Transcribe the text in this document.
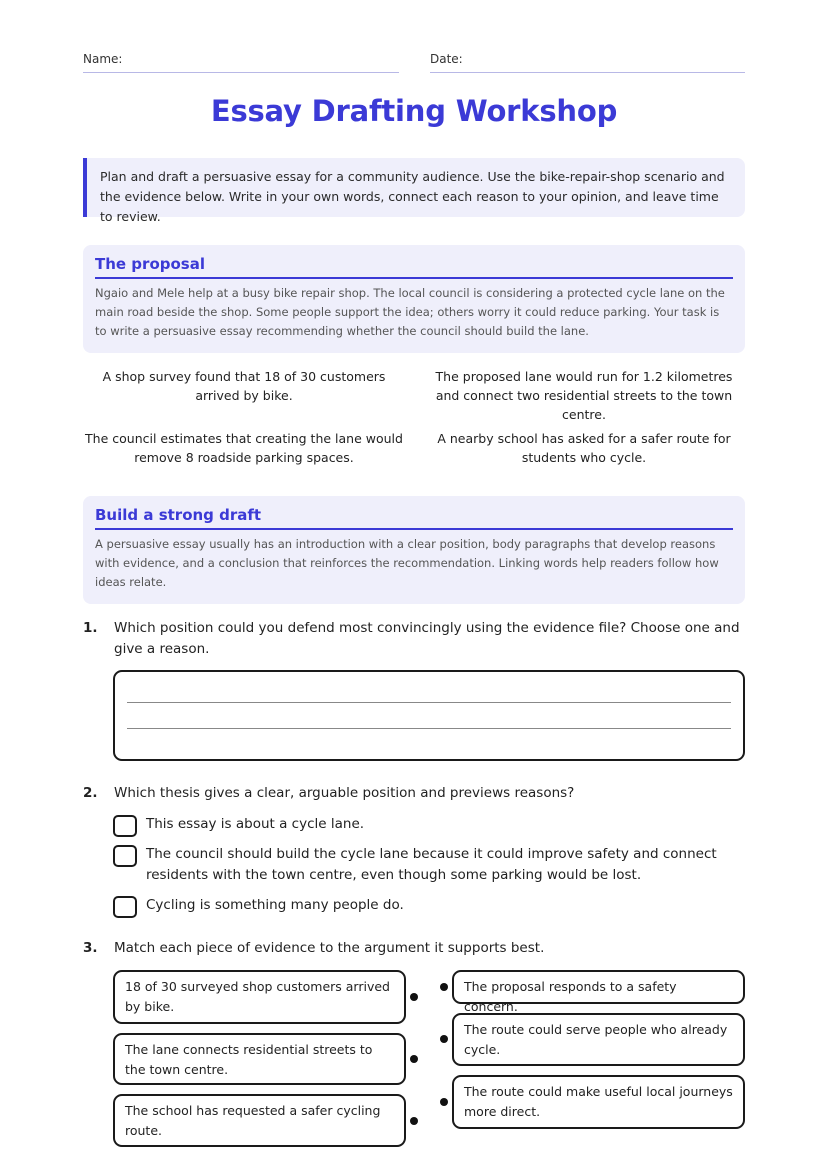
Name:	Date:
Essay Drafting Workshop
Plan and draft a persuasive essay for a community audience. Use the bike-repair-shop scenario and the evidence below. Write in your own words, connect each reason to your opinion, and leave time to review.
The proposal

Ngaio and Mele help at a busy bike repair shop. The local council is considering a protected cycle lane on the main road beside the shop. Some people support the idea; others worry it could reduce parking. Your task is to write a persuasive essay recommending whether the council should build the lane.

A shop survey found that 18 of 30 customers arrived by bike.
The proposed lane would run for 1.2 kilometres and connect two residential streets to the town centre.
The council estimates that creating the lane would remove 8 roadside parking spaces.
A nearby school has asked for a safer route for students who cycle.
Build a strong draft

A persuasive essay usually has an introduction with a clear position, body paragraphs that develop reasons with evidence, and a conclusion that reinforces the recommendation. Linking words help readers follow how ideas relate.

1. Which position could you defend most convincingly using the evidence file? Choose one and give a reason.
2. Which thesis gives a clear, arguable position and previews reasons?
This essay is about a cycle lane.
The council should build the cycle lane because it could improve safety and connect residents with the town centre, even though some parking would be lost.
Cycling is something many people do.
3. Match each piece of evidence to the argument it supports best.
18 of 30 surveyed shop customers arrived by bike.
The lane connects residential streets to the town centre.
The school has requested a safer cycling route.
The proposal responds to a safety concern.
The route could serve people who already cycle.
The route could make useful local journeys more direct.
